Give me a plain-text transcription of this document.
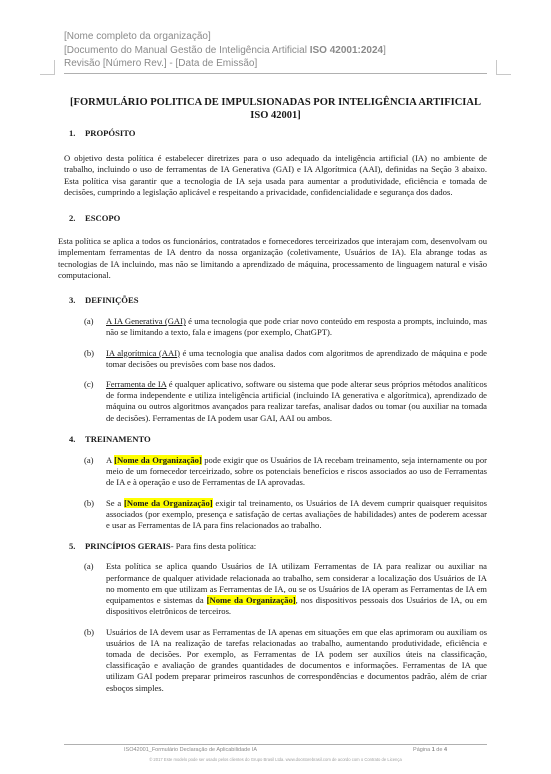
[Nome completo da organização]
[Documento do Manual Gestão de Inteligência Artificial ISO 42001:2024]
Revisão [Número Rev.] - [Data de Emissão]
[FORMULÁRIO POLITICA DE IMPULSIONADAS POR INTELIGÊNCIA ARTIFICIAL
ISO 42001]
1.	PROPÓSITO

O objetivo desta política é estabelecer diretrizes para o uso adequado da inteligência artificial (IA) no ambiente de trabalho, incluindo o uso de ferramentas de IA Generativa (GAI) e IA Algorítmica (AAI), definidas na Seção 3 abaixo. Esta política visa garantir que a tecnologia de IA seja usada para aumentar a produtividade, eficiência e tomada de decisões, cumprindo a legislação aplicável e respeitando a privacidade, confidencialidade e segurança dos dados.

2.	ESCOPO

Esta política se aplica a todos os funcionários, contratados e fornecedores terceirizados que interajam com, desenvolvam ou implementam ferramentas de IA dentro da nossa organização (coletivamente, Usuários de IA). Ela abrange todas as tecnologias de IA incluindo, mas não se limitando a aprendizado de máquina, processamento de linguagem natural e visão computacional.

3.	DEFINIÇÕES
(a)	A IA Generativa (GAI) é uma tecnologia que pode criar novo conteúdo em resposta a prompts, incluindo, mas não se limitando a texto, fala e imagens (por exemplo, ChatGPT).
(b)	IA algorítmica (AAI) é uma tecnologia que analisa dados com algoritmos de aprendizado de máquina e pode tomar decisões ou previsões com base nos dados.
(c)	Ferramenta de IA é qualquer aplicativo, software ou sistema que pode alterar seus próprios métodos analíticos de forma independente e utiliza inteligência artificial (incluindo IA generativa e algorítmica), aprendizado de máquina ou outros algoritmos avançados para realizar tarefas, analisar dados ou tomar (ou auxiliar na tomada de decisões). Ferramentas de IA podem usar GAI, AAI ou ambos.
4.	TREINAMENTO
(a)	A [Nome da Organização] pode exigir que os Usuários de IA recebam treinamento, seja internamente ou por meio de um fornecedor terceirizado, sobre os potenciais benefícios e riscos associados ao uso de Ferramentas de IA e à operação e uso de Ferramentas de IA aprovadas.
(b)	Se a [Nome da Organização] exigir tal treinamento, os Usuários de IA devem cumprir quaisquer requisitos associados (por exemplo, presença e satisfação de certas avaliações de habilidades) antes de poderem acessar e usar as Ferramentas de IA para fins relacionados ao trabalho.
5.	PRINCÍPIOS GERAIS - Para fins desta política:
(a)	Esta política se aplica quando Usuários de IA utilizam Ferramentas de IA para realizar ou auxiliar na performance de qualquer atividade relacionada ao trabalho, sem considerar a localização dos Usuários de IA no momento em que utilizam as Ferramentas de IA, ou se os Usuários de IA operam as Ferramentas de IA em equipamentos e sistemas da [Nome da Organização], nos dispositivos pessoais dos Usuários de IA, ou em dispositivos eletrônicos de terceiros.
(b)	Usuários de IA devem usar as Ferramentas de IA apenas em situações em que elas aprimoram ou auxiliam os usuários de IA na realização de tarefas relacionadas ao trabalho, aumentando produtividade, eficiência e tomada de decisões. Por exemplo, as Ferramentas de IA podem ser auxílios úteis na classificação, classificação e avaliação de grandes quantidades de documentos e informações. Ferramentas de IA que utilizam GAI podem preparar primeiros rascunhos de correspondências e documentos padrão, além de criar esboços simples.
ISO42001_Formulário Declaração de Aplicabilidade IA	Página 1 de 4
© 2017 Este modelo pode ser usado pelos clientes do Grupo Brasil Ltda. www.docstorebrasil.com de acordo com o Contrato de Licença
